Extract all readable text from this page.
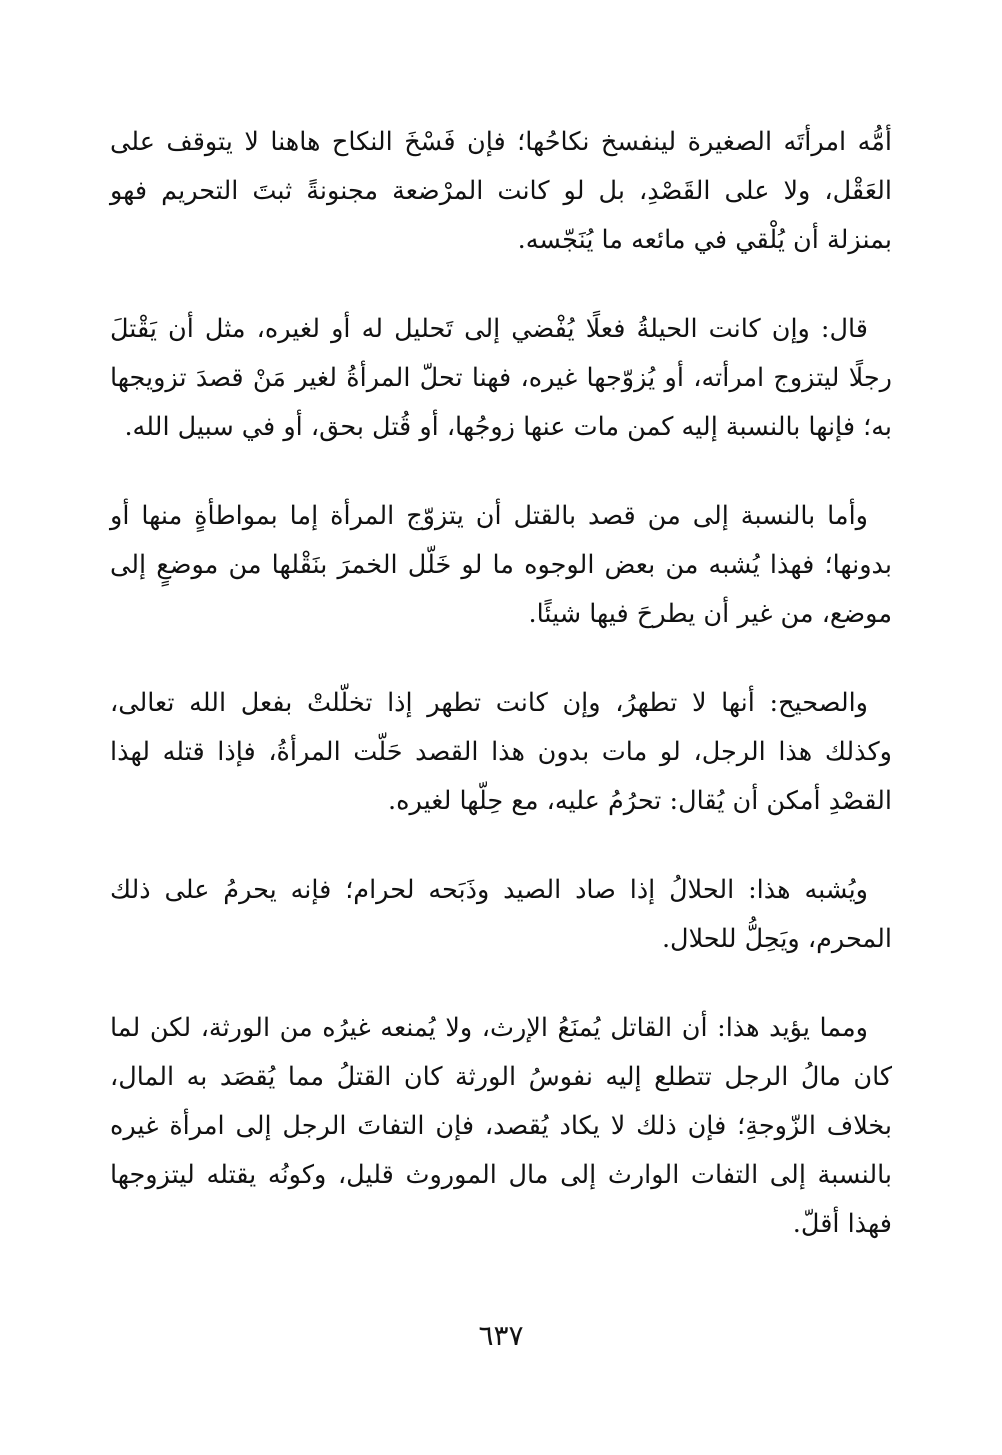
أمُّه امرأتَه الصغيرة لينفسخ نكاحُها؛ فإن فَسْخَ النكاح هاهنا لا يتوقف على العَقْل، ولا على القَصْدِ، بل لو كانت المرْضعة مجنونةً ثبتَ التحريم فهو بمنزلة أن يُلْقي في مائعه ما يُنَجّسه.

قال: وإن كانت الحيلةُ فعلًا يُفْضي إلى تَحليل له أو لغيره، مثل أن يَقْتلَ رجلًا ليتزوج امرأته، أو يُزوّجها غيره، فهنا تحلّ المرأةُ لغير مَنْ قصدَ تزويجها به؛ فإنها بالنسبة إليه كمن مات عنها زوجُها، أو قُتل بحق، أو في سبيل الله.

وأما بالنسبة إلى من قصد بالقتل أن يتزوّج المرأة إما بمواطأةٍ منها أو بدونها؛ فهذا يُشبه من بعض الوجوه ما لو خَلّل الخمرَ بنَقْلها من موضعٍ إلى موضع، من غير أن يطرحَ فيها شيئًا.

والصحيح: أنها لا تطهرُ، وإن كانت تطهر إذا تخلّلتْ بفعل الله تعالى، وكذلك هذا الرجل، لو مات بدون هذا القصد حَلّت المرأةُ، فإذا قتله لهذا القصْدِ أمكن أن يُقال: تحرُمُ عليه، مع حِلّها لغيره.

ويُشبه هذا: الحلالُ إذا صاد الصيد وذَبَحه لحرام؛ فإنه يحرمُ على ذلك المحرم، ويَحِلُّ للحلال.

ومما يؤيد هذا: أن القاتل يُمنَعُ الإرث، ولا يُمنعه غيرُه من الورثة، لكن لما كان مالُ الرجل تتطلع إليه نفوسُ الورثة كان القتلُ مما يُقصَد به المال، بخلاف الزّوجةِ؛ فإن ذلك لا يكاد يُقصد، فإن التفاتَ الرجل إلى امرأة غيره بالنسبة إلى التفات الوارث إلى مال الموروث قليل، وكونُه يقتله ليتزوجها فهذا أقلّ.

٦٣٧
